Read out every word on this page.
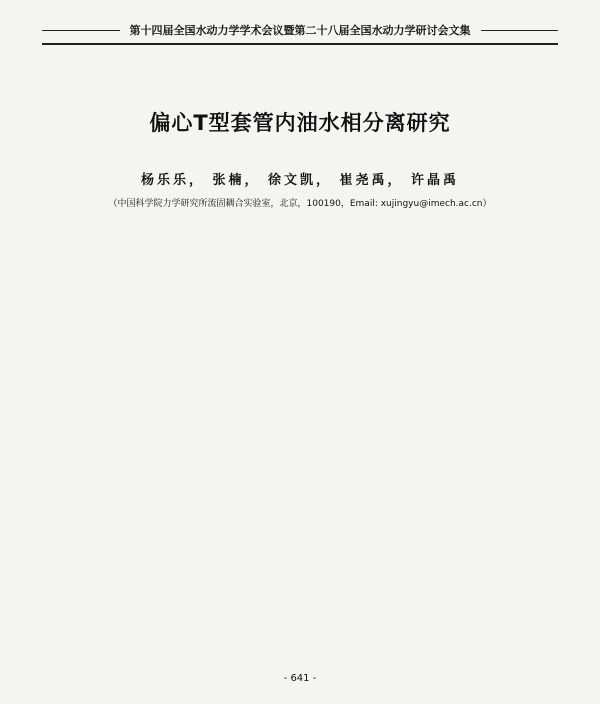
第十四届全国水动力学学术会议暨第二十八届全国水动力学研讨会文集
偏心T型套管内油水相分离研究
杨乐乐， 张楠， 徐文凯， 崔尧禹， 许晶禹
（中国科学院力学研究所流固耦合实验室，北京，100190，Email: xujingyu@imech.ac.cn）
- 641 -
